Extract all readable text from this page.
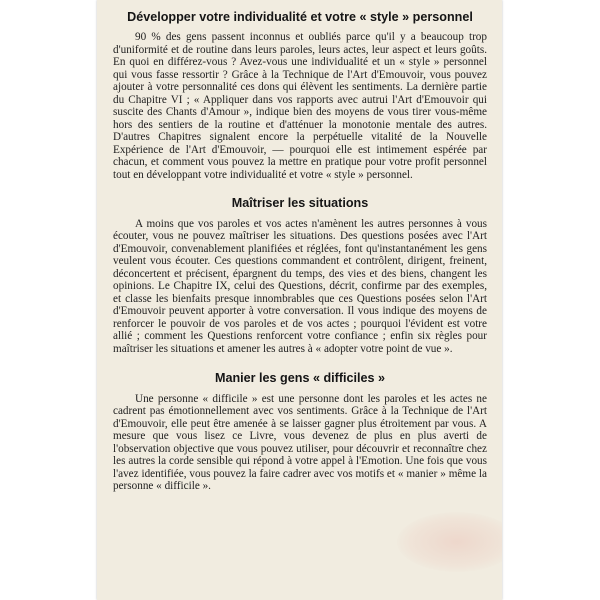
Développer votre individualité et votre « style » personnel

90 % des gens passent inconnus et oubliés parce qu'il y a beaucoup trop d'uniformité et de routine dans leurs paroles, leurs actes, leur aspect et leurs goûts. En quoi en différez-vous ? Avez-vous une individualité et un « style » personnel qui vous fasse ressortir ? Grâce à la Technique de l'Art d'Emouvoir, vous pouvez ajouter à votre personnalité ces dons qui élèvent les sentiments. La dernière partie du Chapitre VI ; « Appliquer dans vos rapports avec autrui l'Art d'Emouvoir qui suscite des Chants d'Amour », indique bien des moyens de vous tirer vous-même hors des sentiers de la routine et d'atténuer la monotonie mentale des autres. D'autres Chapitres signalent encore la perpétuelle vitalité de la Nouvelle Expérience de l'Art d'Emouvoir, — pourquoi elle est intimement espérée par chacun, et comment vous pouvez la mettre en pratique pour votre profit personnel tout en développant votre individualité et votre « style » personnel.

Maîtriser les situations

A moins que vos paroles et vos actes n'amènent les autres personnes à vous écouter, vous ne pouvez maîtriser les situations. Des questions posées avec l'Art d'Emouvoir, convenablement planifiées et réglées, font qu'instantanément les gens veulent vous écouter. Ces questions commandent et contrôlent, dirigent, freinent, déconcertent et précisent, épargnent du temps, des vies et des biens, changent les opinions. Le Chapitre IX, celui des Questions, décrit, confirme par des exemples, et classe les bienfaits presque innombrables que ces Questions posées selon l'Art d'Emouvoir peuvent apporter à votre conversation. Il vous indique des moyens de renforcer le pouvoir de vos paroles et de vos actes ; pourquoi l'évident est votre allié ; comment les Questions renforcent votre confiance ; enfin six règles pour maîtriser les situations et amener les autres à « adopter votre point de vue ».

Manier les gens « difficiles »

Une personne « difficile » est une personne dont les paroles et les actes ne cadrent pas émotionnellement avec vos sentiments. Grâce à la Technique de l'Art d'Emouvoir, elle peut être amenée à se laisser gagner plus étroitement par vous. A mesure que vous lisez ce Livre, vous devenez de plus en plus averti de l'observation objective que vous pouvez utiliser, pour découvrir et reconnaître chez les autres la corde sensible qui répond à votre appel à l'Emotion. Une fois que vous l'avez identifiée, vous pouvez la faire cadrer avec vos motifs et « manier » même la personne « difficile ».
